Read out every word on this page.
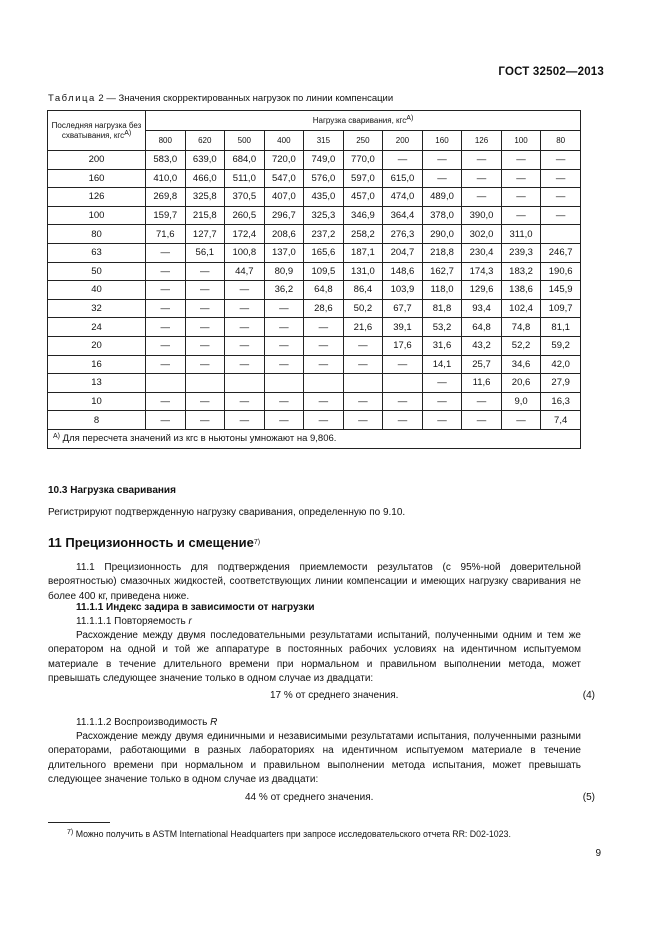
ГОСТ 32502—2013
Таблица 2 — Значения скорректированных нагрузок по линии компенсации
Последняя нагрузка без схватывания, кгс$^{А)}$	Нагрузка сваривания, кгс$^{А)}$
	800	620	500	400	315	250	200	160	126	100	80
200	583,0	639,0	684,0	720,0	749,0	770,0	—	—	—	—	—
160	410,0	466,0	511,0	547,0	576,0	597,0	615,0	—	—	—	—
126	269,8	325,8	370,5	407,0	435,0	457,0	474,0	489,0	—	—	—
100	159,7	215,8	260,5	296,7	325,3	346,9	364,4	378,0	390,0	—	—
80	71,6	127,7	172,4	208,6	237,2	258,2	276,3	290,0	302,0	311,0	
63	—	56,1	100,8	137,0	165,6	187,1	204,7	218,8	230,4	239,3	246,7
50	—	—	44,7	80,9	109,5	131,0	148,6	162,7	174,3	183,2	190,6
40	—	—	—	36,2	64,8	86,4	103,9	118,0	129,6	138,6	145,9
32	—	—	—	—	28,6	50,2	67,7	81,8	93,4	102,4	109,7
24	—	—	—	—	—	21,6	39,1	53,2	64,8	74,8	81,1
20	—	—	—	—	—	—	17,6	31,6	43,2	52,2	59,2
16	—	—	—	—	—	—	—	14,1	25,7	34,6	42,0
13								—	11,6	20,6	27,9
10	—	—	—	—	—	—	—	—	—	9,0	16,3
8	—	—	—	—	—	—	—	—	—	—	7,4
$^{А)}$ Для пересчета значений из кгс в ньютоны умножают на 9,806.											
10.3 Нагрузка сваривания
Регистрируют подтвержденную нагрузку сваривания, определенную по 9.10.
11 Прецизионность и смещение$^{7)}$
11.1 Прецизионность для подтверждения приемлемости результатов (с 95%-ной доверительной вероятностью) смазочных жидкостей, соответствующих линии компенсации и имеющих нагрузку сваривания не более 400 кг, приведена ниже.
11.1.1 Индекс задира в зависимости от нагрузки
11.1.1.1 Повторяемость r
Расхождение между двумя последовательными результатами испытаний, полученными одним и тем же оператором на одной и той же аппаратуре в постоянных рабочих условиях на идентичном испытуемом материале в течение длительного времени при нормальном и правильном выполнении метода, может превышать следующее значение только в одном случае из двадцати:
17 % от среднего значения.	(4)
11.1.1.2 Воспроизводимость R
Расхождение между двумя единичными и независимыми результатами испытания, полученными разными операторами, работающими в разных лабораториях на идентичном испытуемом материале в течение длительного времени при нормальном и правильном выполнении метода испытания, может превышать следующее значение только в одном случае из двадцати:
44 % от среднего значения.	(5)
$^{7)}$ Можно получить в ASTM International Headquarters при запросе исследовательского отчета RR: D02-1023.
9
